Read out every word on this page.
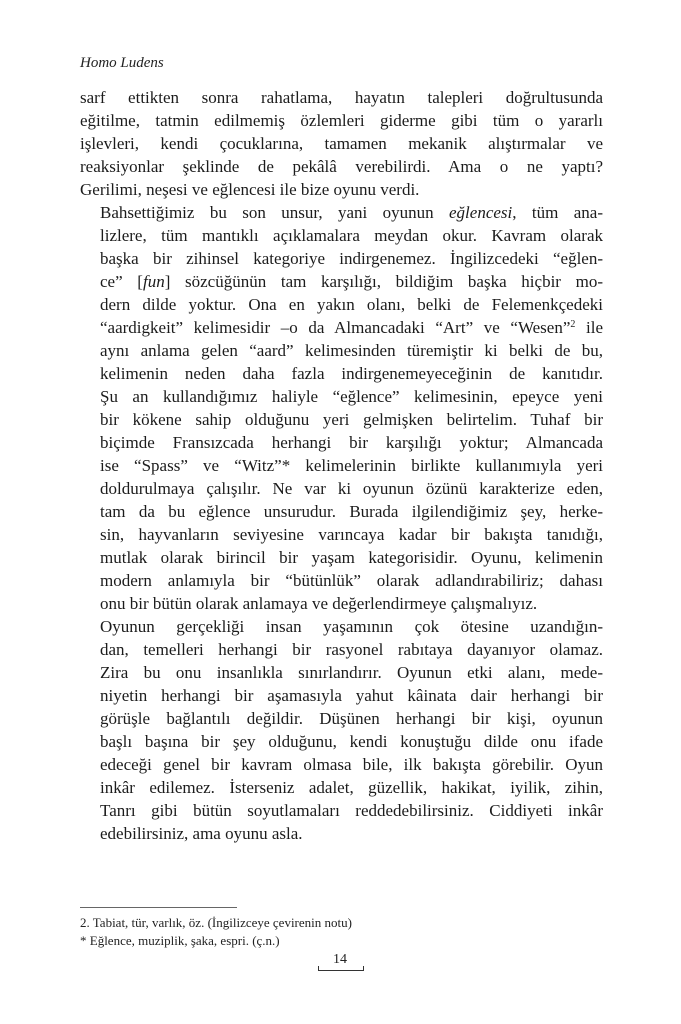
Homo Ludens

sarf ettikten sonra rahatlama, hayatın talepleri doğrultusunda
eğitilme, tatmin edilmemiş özlemleri giderme gibi tüm o yararlı
işlevleri, kendi çocuklarına, tamamen mekanik alıştırmalar ve
reaksiyonlar şeklinde de pekâlâ verebilirdi. Ama o ne yaptı?
Gerilimi, neşesi ve eğlencesi ile bize oyunu verdi.

Bahsettiğimiz bu son unsur, yani oyunun eğlencesi, tüm ana-
lizlere, tüm mantıklı açıklamalara meydan okur. Kavram olarak
başka bir zihinsel kategoriye indirgenemez. İngilizcedeki “eğlen-
ce” [fun] sözcüğünün tam karşılığı, bildiğim başka hiçbir mo-
dern dilde yoktur. Ona en yakın olanı, belki de Felemenkçedeki
“aardigkeit” kelimesidir –o da Almancadaki “Art” ve “Wesen”$^2$ ile
aynı anlama gelen “aard” kelimesinden türemiştir ki belki de bu,
kelimenin neden daha fazla indirgenemeyeceğinin de kanıtıdır.
Şu an kullandığımız haliyle “eğlence” kelimesinin, epeyce yeni
bir kökene sahip olduğunu yeri gelmişken belirtelim. Tuhaf bir
biçimde Fransızcada herhangi bir karşılığı yoktur; Almancada
ise “Spass” ve “Witz”* kelimelerinin birlikte kullanımıyla yeri
doldurulmaya çalışılır. Ne var ki oyunun özünü karakterize eden,
tam da bu eğlence unsurudur. Burada ilgilendiğimiz şey, herke-
sin, hayvanların seviyesine varıncaya kadar bir bakışta tanıdığı,
mutlak olarak birincil bir yaşam kategorisidir. Oyunu, kelimenin
modern anlamıyla bir “bütünlük” olarak adlandırabiliriz; dahası
onu bir bütün olarak anlamaya ve değerlendirmeye çalışmalıyız.

Oyunun gerçekliği insan yaşamının çok ötesine uzandığın-
dan, temelleri herhangi bir rasyonel rabıtaya dayanıyor olamaz.
Zira bu onu insanlıkla sınırlandırır. Oyunun etki alanı, mede-
niyetin herhangi bir aşamasıyla yahut kâinata dair herhangi bir
görüşle bağlantılı değildir. Düşünen herhangi bir kişi, oyunun
başlı başına bir şey olduğunu, kendi konuştuğu dilde onu ifade
edeceği genel bir kavram olmasa bile, ilk bakışta görebilir. Oyun
inkâr edilemez. İsterseniz adalet, güzellik, hakikat, iyilik, zihin,
Tanrı gibi bütün soyutlamaları reddedebilirsiniz. Ciddiyeti inkâr
edebilirsiniz, ama oyunu asla.

2. Tabiat, tür, varlık, öz. (İngilizceye çevirenin notu)
* Eğlence, muziplik, şaka, espri. (ç.n.)
14
